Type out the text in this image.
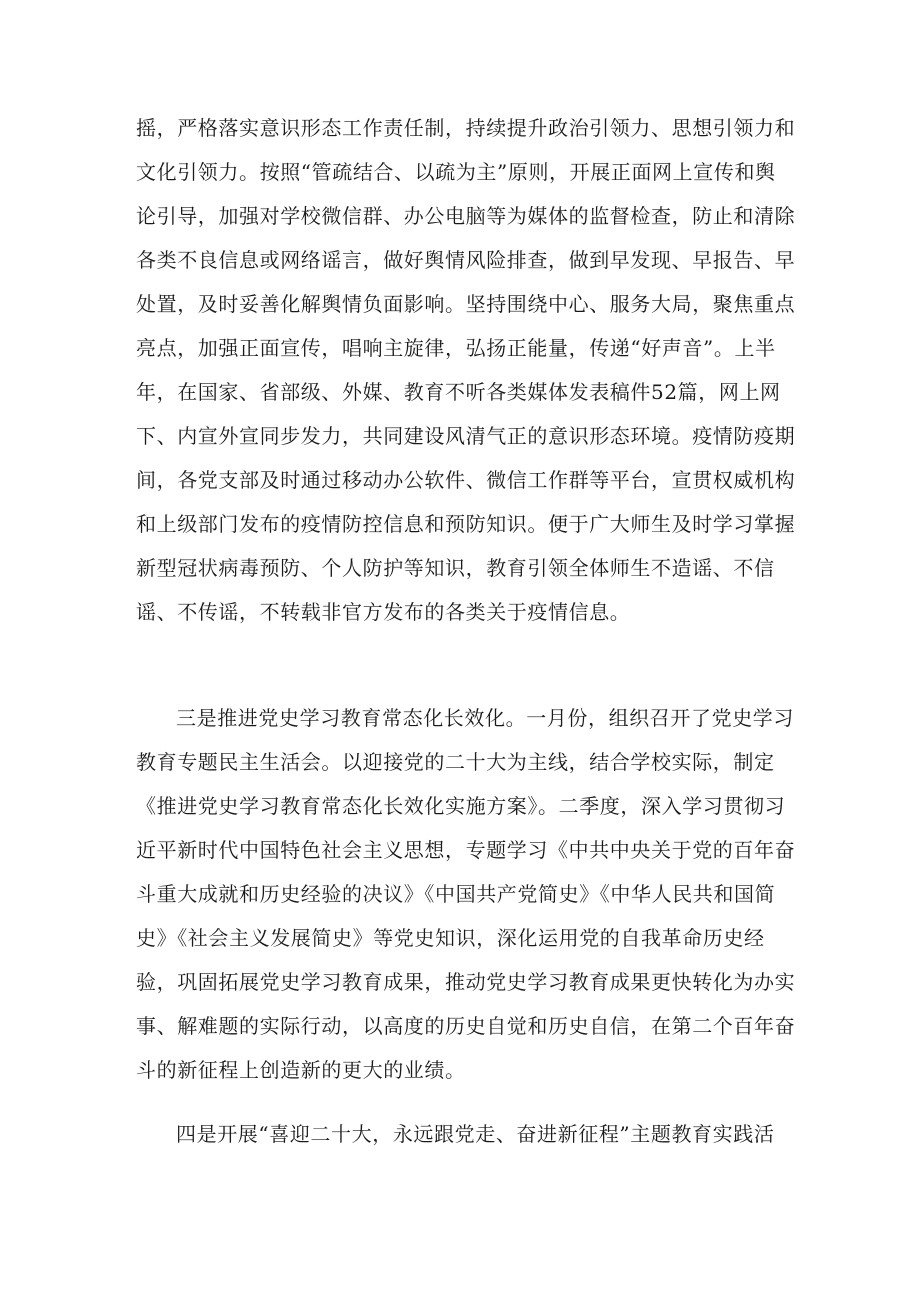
摇，严格落实意识形态工作责任制，持续提升政治引领力、思想引领力和
文化引领力。按照“管疏结合、以疏为主”原则，开展正面网上宣传和舆
论引导，加强对学校微信群、办公电脑等为媒体的监督检查，防止和清除
各类不良信息或网络谣言，做好舆情风险排查，做到早发现、早报告、早
处置，及时妥善化解舆情负面影响。坚持围绕中心、服务大局，聚焦重点
亮点，加强正面宣传，唱响主旋律，弘扬正能量，传递“好声音”。上半
年，在国家、省部级、外媒、教育不听各类媒体发表稿件52篇，网上网
下、内宣外宣同步发力，共同建设风清气正的意识形态环境。疫情防疫期
间，各党支部及时通过移动办公软件、微信工作群等平台，宣贯权威机构
和上级部门发布的疫情防控信息和预防知识。便于广大师生及时学习掌握
新型冠状病毒预防、个人防护等知识，教育引领全体师生不造谣、不信
谣、不传谣，不转载非官方发布的各类关于疫情信息。
三是推进党史学习教育常态化长效化。一月份，组织召开了党史学习
教育专题民主生活会。以迎接党的二十大为主线，结合学校实际，制定
《推进党史学习教育常态化长效化实施方案》。二季度，深入学习贯彻习
近平新时代中国特色社会主义思想，专题学习《中共中央关于党的百年奋
斗重大成就和历史经验的决议》《中国共产党简史》《中华人民共和国简
史》《社会主义发展简史》等党史知识，深化运用党的自我革命历史经
验，巩固拓展党史学习教育成果，推动党史学习教育成果更快转化为办实
事、解难题的实际行动，以高度的历史自觉和历史自信，在第二个百年奋
斗的新征程上创造新的更大的业绩。
四是开展“喜迎二十大，永远跟党走、奋进新征程”主题教育实践活
